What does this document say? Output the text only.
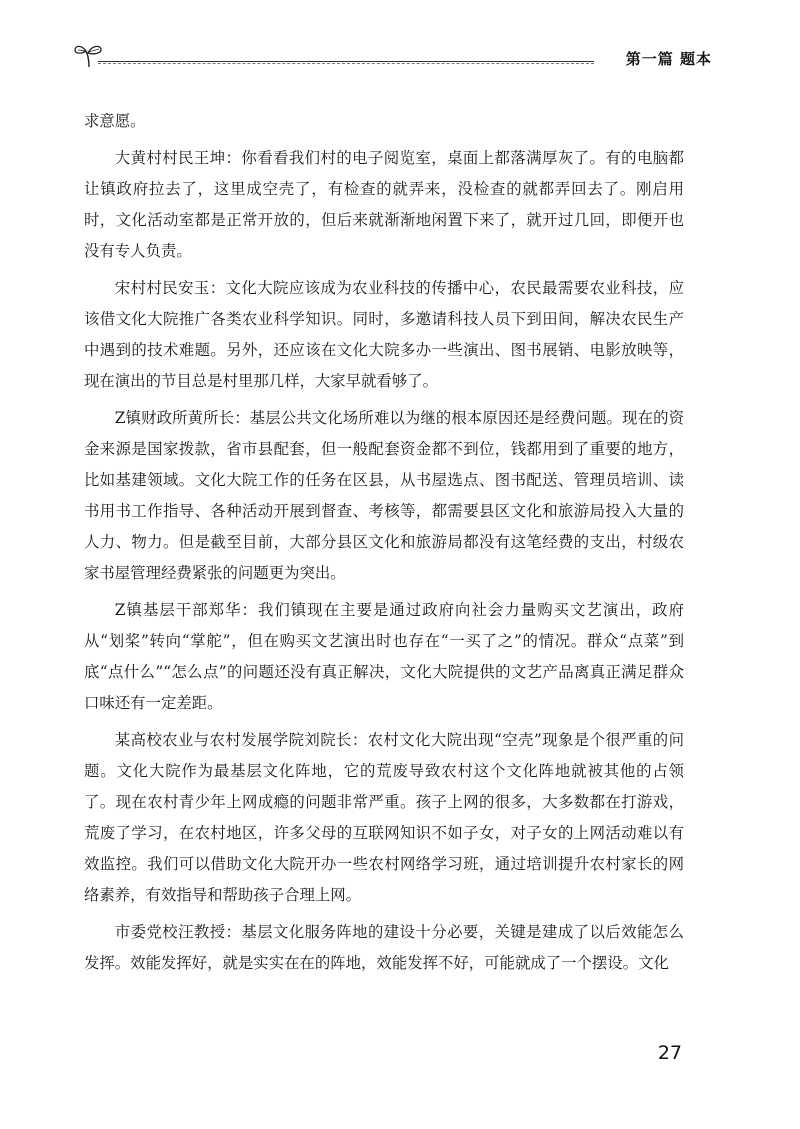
第一篇 题本

求意愿。

大黄村村民王坤：你看看我们村的电子阅览室，桌面上都落满厚灰了。有的电脑都让镇政府拉去了，这里成空壳了，有检查的就弄来，没检查的就都弄回去了。刚启用时，文化活动室都是正常开放的，但后来就渐渐地闲置下来了，就开过几回，即便开也没有专人负责。

宋村村民安玉：文化大院应该成为农业科技的传播中心，农民最需要农业科技，应该借文化大院推广各类农业科学知识。同时，多邀请科技人员下到田间，解决农民生产中遇到的技术难题。另外，还应该在文化大院多办一些演出、图书展销、电影放映等，现在演出的节目总是村里那几样，大家早就看够了。

Z镇财政所黄所长：基层公共文化场所难以为继的根本原因还是经费问题。现在的资金来源是国家拨款，省市县配套，但一般配套资金都不到位，钱都用到了重要的地方，比如基建领域。文化大院工作的任务在区县，从书屋选点、图书配送、管理员培训、读书用书工作指导、各种活动开展到督查、考核等，都需要县区文化和旅游局投入大量的人力、物力。但是截至目前，大部分县区文化和旅游局都没有这笔经费的支出，村级农家书屋管理经费紧张的问题更为突出。

Z镇基层干部郑华：我们镇现在主要是通过政府向社会力量购买文艺演出，政府从“划桨”转向“掌舵”，但在购买文艺演出时也存在“一买了之”的情况。群众“点菜”到底“点什么”“怎么点”的问题还没有真正解决，文化大院提供的文艺产品离真正满足群众口味还有一定差距。

某高校农业与农村发展学院刘院长：农村文化大院出现“空壳”现象是个很严重的问题。文化大院作为最基层文化阵地，它的荒废导致农村这个文化阵地就被其他的占领了。现在农村青少年上网成瘾的问题非常严重。孩子上网的很多，大多数都在打游戏，荒废了学习，在农村地区，许多父母的互联网知识不如子女，对子女的上网活动难以有效监控。我们可以借助文化大院开办一些农村网络学习班，通过培训提升农村家长的网络素养，有效指导和帮助孩子合理上网。

市委党校汪教授：基层文化服务阵地的建设十分必要，关键是建成了以后效能怎么发挥。效能发挥好，就是实实在在的阵地，效能发挥不好，可能就成了一个摆设。文化

27
